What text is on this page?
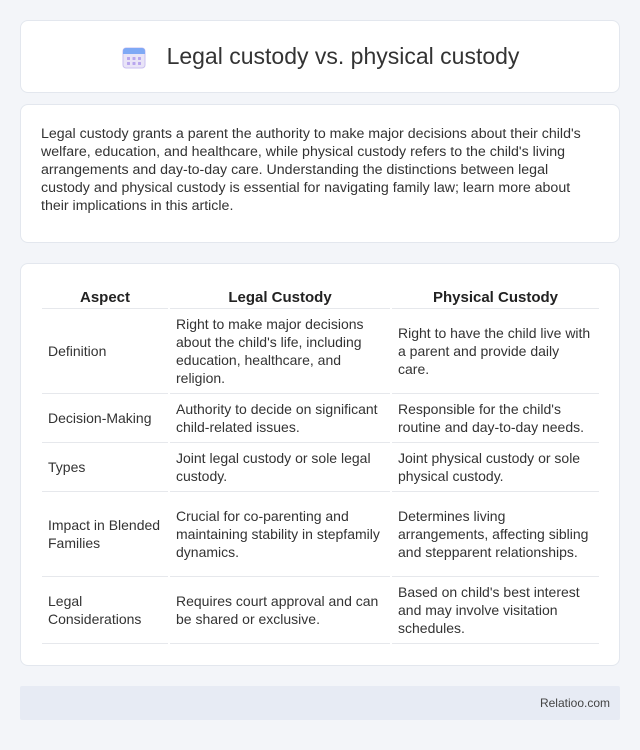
Legal custody vs. physical custody

Legal custody grants a parent the authority to make major decisions about their child's welfare, education, and healthcare, while physical custody refers to the child's living arrangements and day-to-day care. Understanding the distinctions between legal custody and physical custody is essential for navigating family law; learn more about their implications in this article.

Aspect		Legal Custody		Physical Custody
Definition		Right to make major decisions about the child's life, including education, healthcare, and religion.		Right to have the child live with a parent and provide daily care.
Decision-Making		Authority to decide on significant child-related issues.		Responsible for the child's routine and day-to-day needs.
Types		Joint legal custody or sole legal custody.		Joint physical custody or sole physical custody.
Impact in Blended Families		Crucial for co-parenting and maintaining stability in stepfamily dynamics.		Determines living arrangements, affecting sibling and stepparent relationships.
Legal Considerations		Requires court approval and can be shared or exclusive.		Based on child's best interest and may involve visitation schedules.
Relatioo.com
